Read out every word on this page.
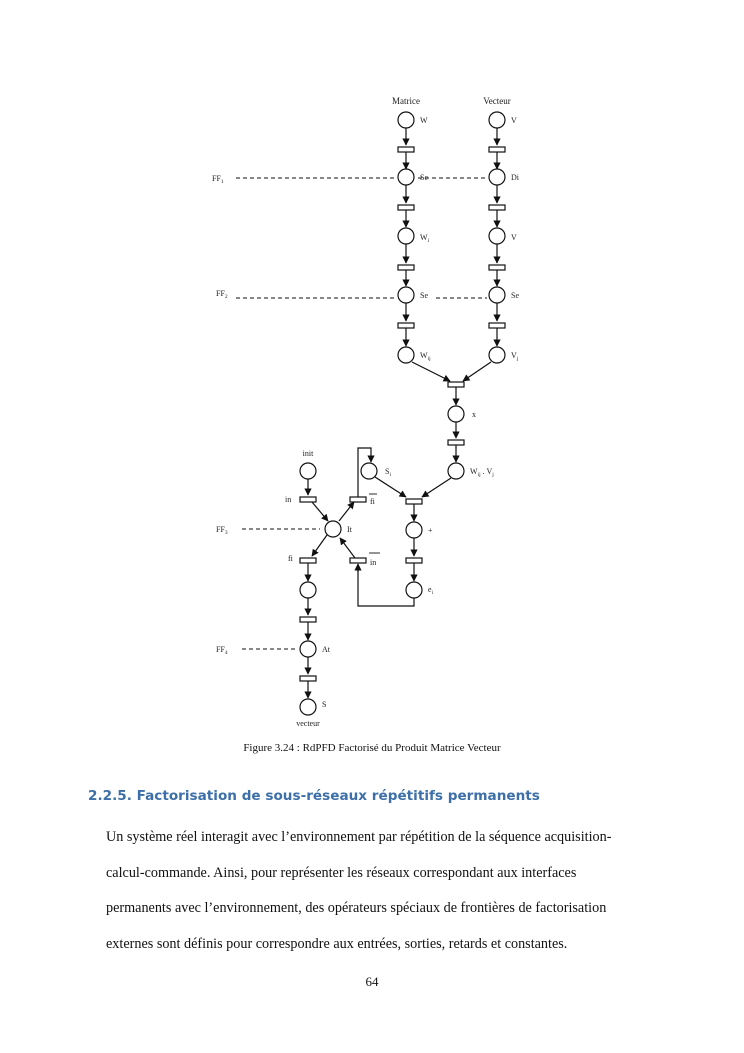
Matrice	Vecteur
W
Se
$W_i$
Se
$W_{ij}$
V
Di
V
Se
$V_j$
$FF_1$
$FF_2$
$FF_3$
$FF_4$
x
$W_{ij}$ . $V_j$
$S_i$
+
$e_i$
fi
in
init
in
It
fi
At
S
vecteur
Figure 3.24 : RdPFD Factorisé du Produit Matrice Vecteur
2.2.5. Factorisation de sous-réseaux répétitifs permanents

Un système réel interagit avec l’environnement par répétition de la séquence acquisition-
calcul-commande. Ainsi, pour représenter les réseaux correspondant aux interfaces
permanents avec l’environnement, des opérateurs spéciaux de frontières de factorisation
externes sont définis pour correspondre aux entrées, sorties, retards et constantes.

64
